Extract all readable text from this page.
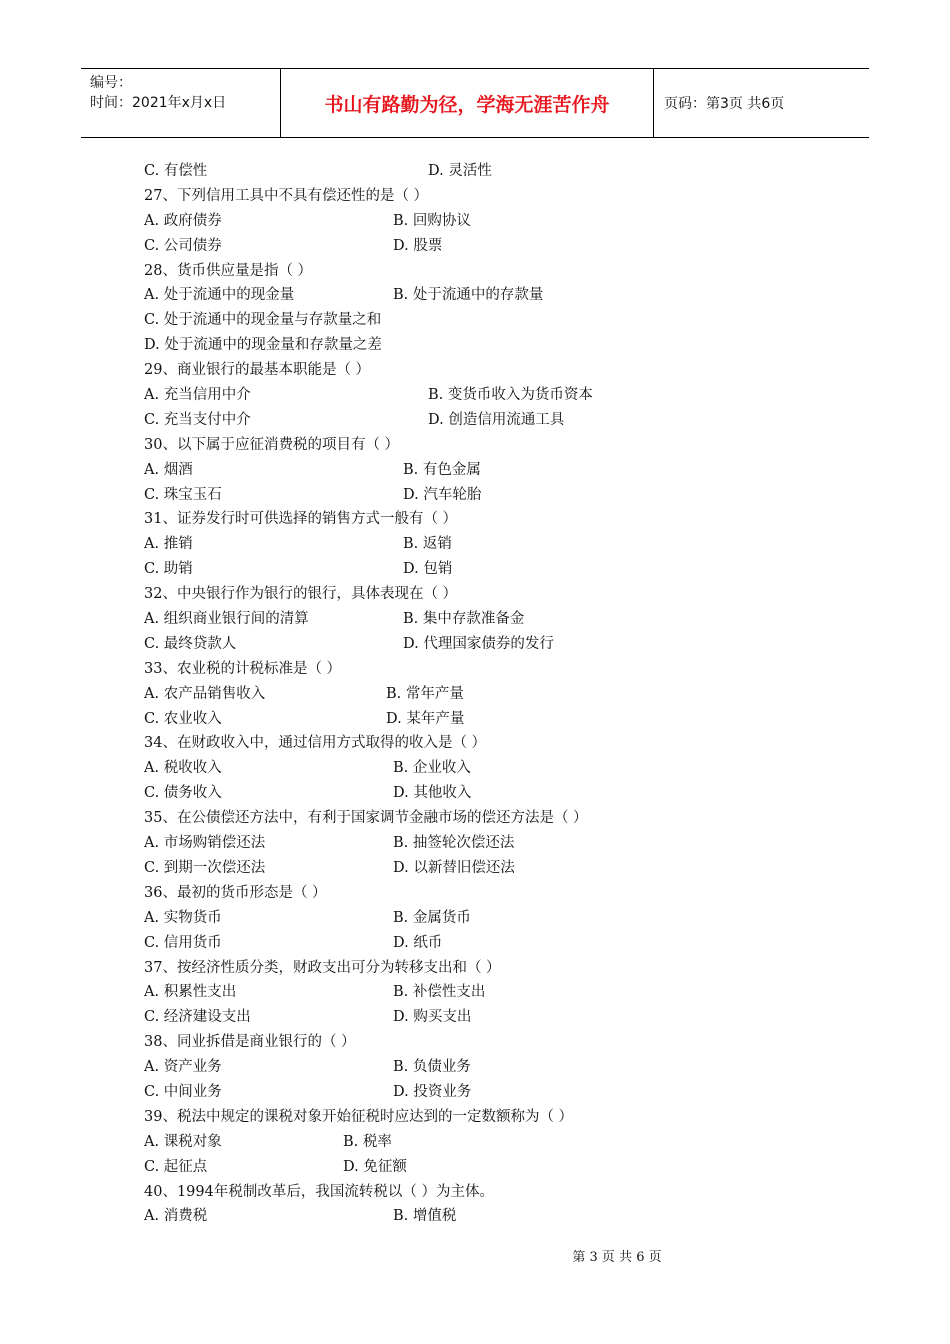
编号：
时间：2021年x月x日	书山有路勤为径，学海无涯苦作舟	页码：第3页 共6页
C. 有偿性	D. 灵活性
27、下列信用工具中不具有偿还性的是（ ）
A. 政府债券	B. 回购协议
C. 公司债券	D. 股票
28、货币供应量是指（ ）
A. 处于流通中的现金量	B. 处于流通中的存款量
C. 处于流通中的现金量与存款量之和
D. 处于流通中的现金量和存款量之差
29、商业银行的最基本职能是（ ）
A. 充当信用中介	B. 变货币收入为货币资本
C. 充当支付中介	D. 创造信用流通工具
30、以下属于应征消费税的项目有（ ）
A. 烟酒	B. 有色金属
C. 珠宝玉石	D. 汽车轮胎
31、证券发行时可供选择的销售方式一般有（ ）
A. 推销	B. 返销
C. 助销	D. 包销
32、中央银行作为银行的银行，具体表现在（ ）
A. 组织商业银行间的清算	B. 集中存款准备金
C. 最终贷款人	D. 代理国家债券的发行
33、农业税的计税标准是（ ）
A. 农产品销售收入	B. 常年产量
C. 农业收入	D. 某年产量
34、在财政收入中，通过信用方式取得的收入是（ ）
A. 税收收入	B. 企业收入
C. 债务收入	D. 其他收入
35、在公债偿还方法中，有利于国家调节金融市场的偿还方法是（ ）
A. 市场购销偿还法	B. 抽签轮次偿还法
C. 到期一次偿还法	D. 以新替旧偿还法
36、最初的货币形态是（ ）
A. 实物货币	B. 金属货币
C. 信用货币	D. 纸币
37、按经济性质分类，财政支出可分为转移支出和（ ）
A. 积累性支出	B. 补偿性支出
C. 经济建设支出	D. 购买支出
38、同业拆借是商业银行的（ ）
A. 资产业务	B. 负债业务
C. 中间业务	D. 投资业务
39、税法中规定的课税对象开始征税时应达到的一定数额称为（ ）
A. 课税对象	B. 税率
C. 起征点	D. 免征额
40、1994年税制改革后，我国流转税以（ ）为主体。
A. 消费税	B. 增值税
第 3 页 共 6 页
